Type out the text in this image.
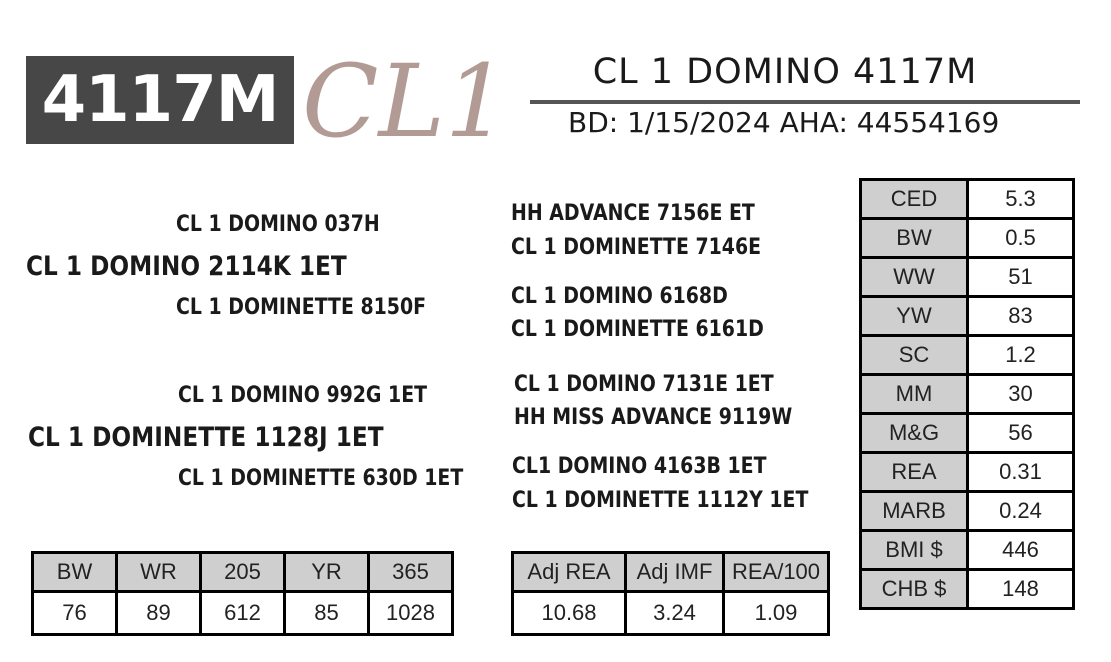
4117M CL1	CL 1 DOMINO 4117M
BD: 1/15/2024 AHA: 44554169
CL 1 DOMINO 037H
CL 1 DOMINO 2114K 1ET
CL 1 DOMINETTE 8150F
CL 1 DOMINO 992G 1ET
CL 1 DOMINETTE 1128J 1ET
CL 1 DOMINETTE 630D 1ET
HH ADVANCE 7156E ET
CL 1 DOMINETTE 7146E
CL 1 DOMINO 6168D
CL 1 DOMINETTE 6161D
CL 1 DOMINO 7131E 1ET
HH MISS ADVANCE 9119W
CL1 DOMINO 4163B 1ET
CL 1 DOMINETTE 1112Y 1ET
BW	WR	205	YR	365
76	89	612	85	1028
Adj REA	Adj IMF	REA/100
10.68	3.24	1.09
CED	5.3
BW	0.5
WW	51
YW	83
SC	1.2
MM	30
M&G	56
REA	0.31
MARB	0.24
BMI $	446
CHB $	148
